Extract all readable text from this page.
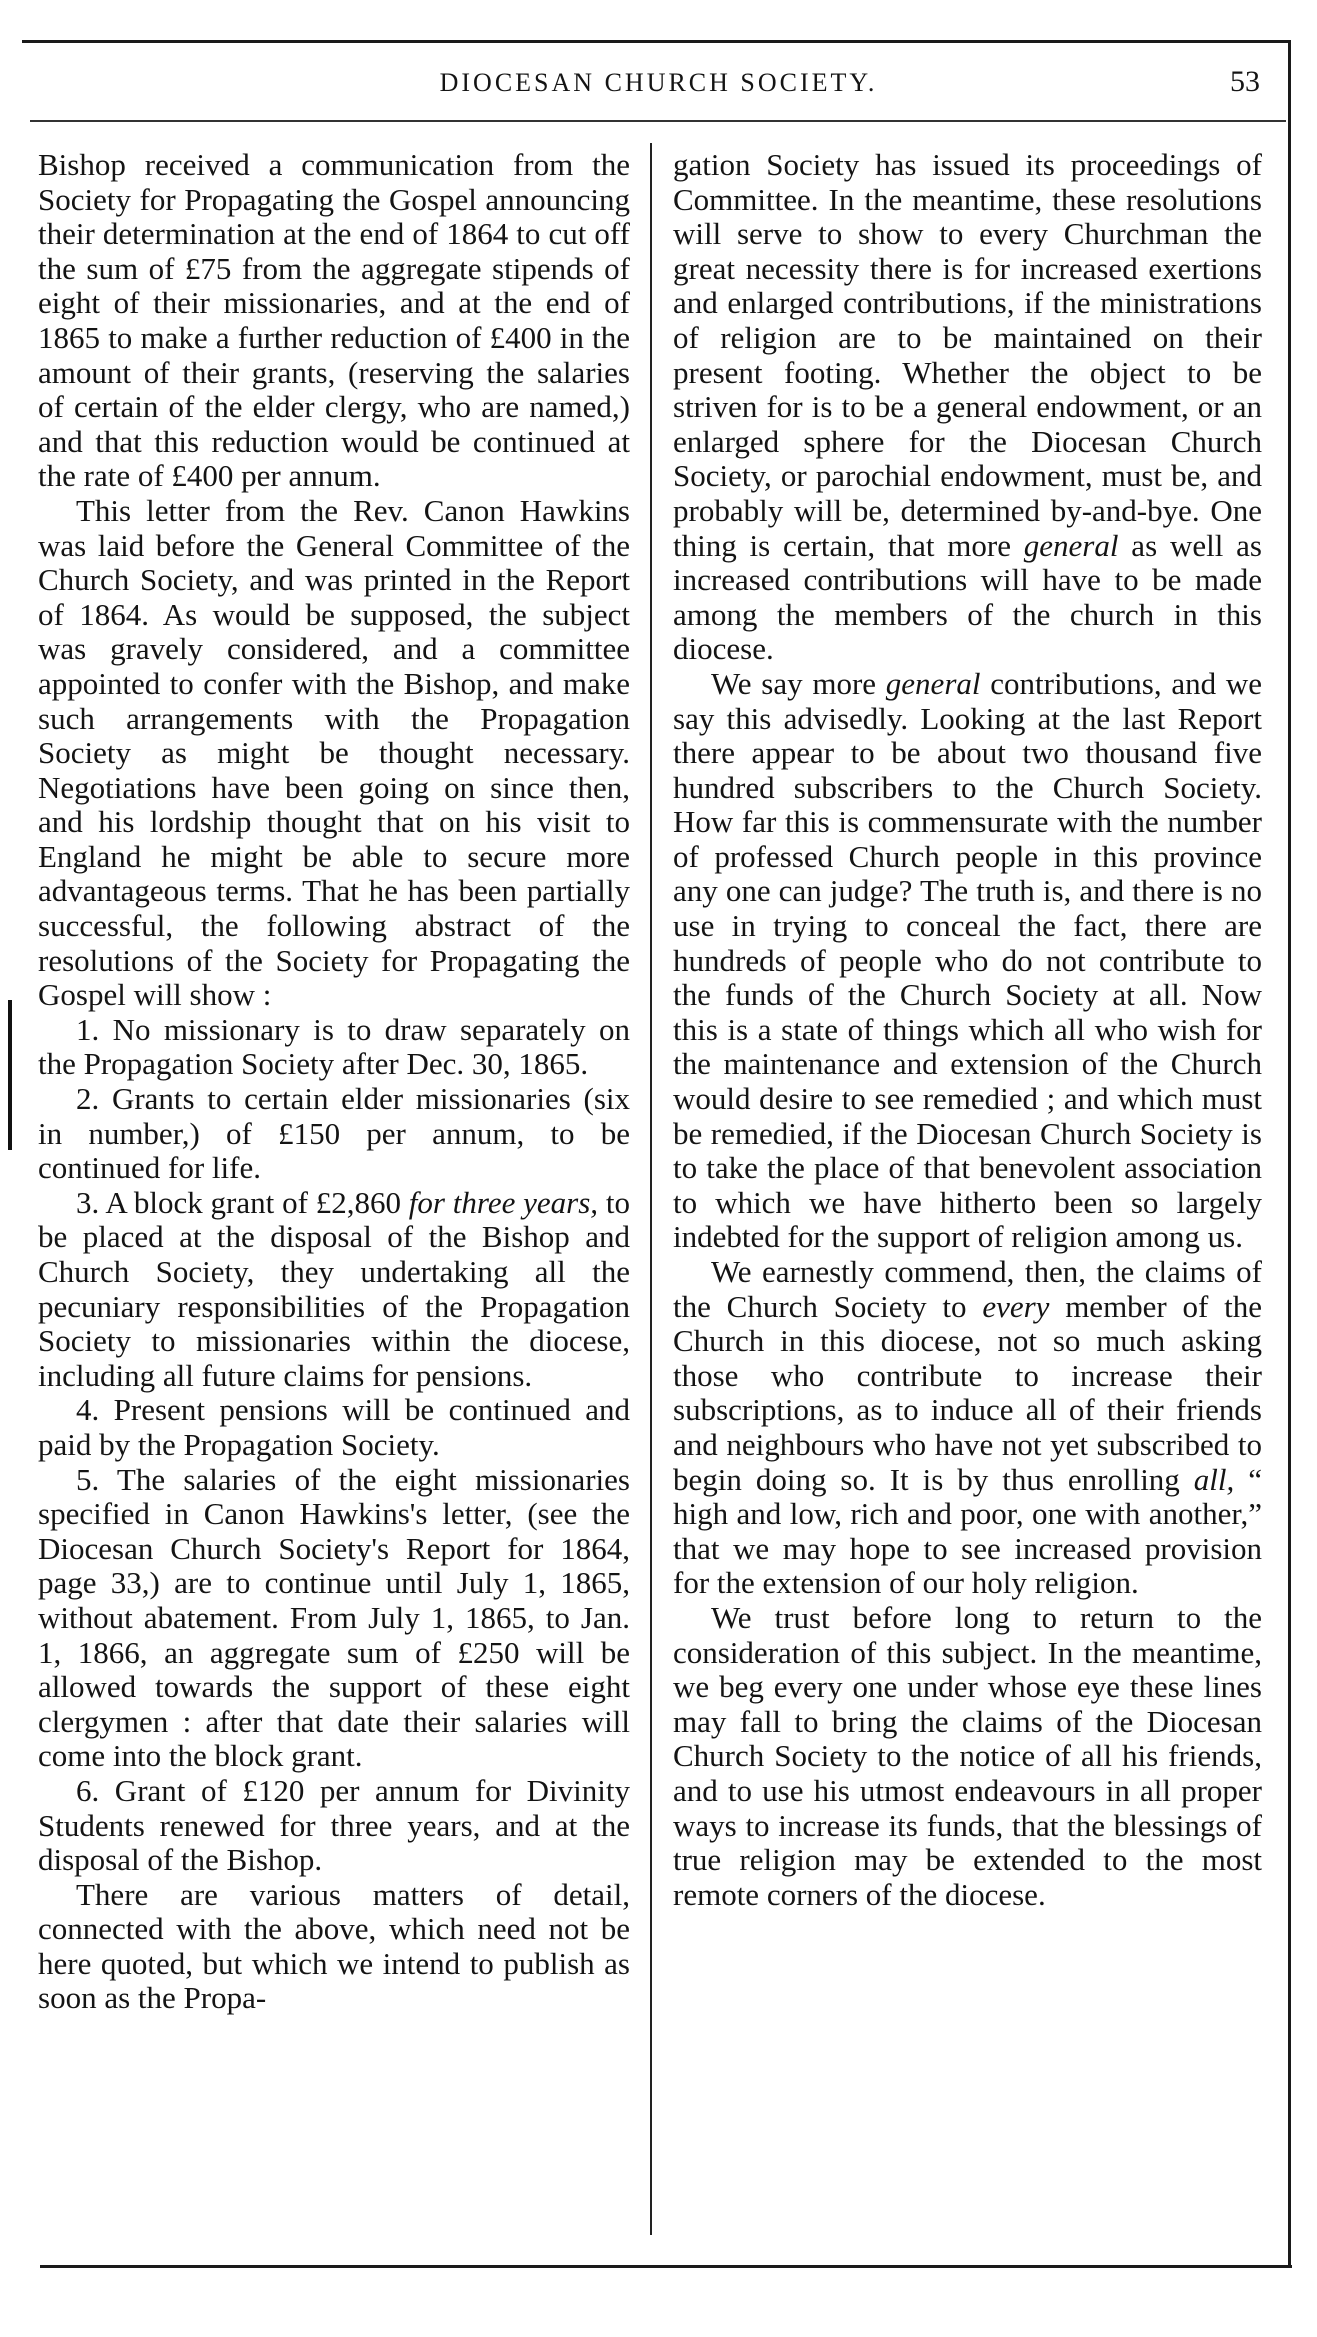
DIOCESAN CHURCH SOCIETY.	53

Bishop received a communication from the Society for Propagating the Gospel announcing their determination at the end of 1864 to cut off the sum of £75 from the aggregate stipends of eight of their missionaries, and at the end of 1865 to make a further reduction of £400 in the amount of their grants, (reserving the salaries of certain of the elder clergy, who are named,) and that this reduction would be continued at the rate of £400 per annum.

This letter from the Rev. Canon Hawkins was laid before the General Committee of the Church Society, and was printed in the Report of 1864. As would be supposed, the subject was gravely considered, and a committee appointed to confer with the Bishop, and make such arrangements with the Propagation Society as might be thought necessary. Negotiations have been going on since then, and his lordship thought that on his visit to England he might be able to secure more advantageous terms. That he has been partially successful, the following abstract of the resolutions of the Society for Propagating the Gospel will show :

1. No missionary is to draw separately on the Propagation Society after Dec. 30, 1865.

2. Grants to certain elder missionaries (six in number,) of £150 per annum, to be continued for life.

3. A block grant of £2,860 for three years, to be placed at the disposal of the Bishop and Church Society, they undertaking all the pecuniary responsibilities of the Propagation Society to missionaries within the diocese, including all future claims for pensions.

4. Present pensions will be continued and paid by the Propagation Society.

5. The salaries of the eight missionaries specified in Canon Hawkins's letter, (see the Diocesan Church Society's Report for 1864, page 33,) are to continue until July 1, 1865, without abatement. From July 1, 1865, to Jan. 1, 1866, an aggregate sum of £250 will be allowed towards the support of these eight clergymen : after that date their salaries will come into the block grant.

6. Grant of £120 per annum for Divinity Students renewed for three years, and at the disposal of the Bishop.

There are various matters of detail, connected with the above, which need not be here quoted, but which we intend to publish as soon as the Propa-

gation Society has issued its proceedings of Committee. In the meantime, these resolutions will serve to show to every Churchman the great necessity there is for increased exertions and enlarged contributions, if the ministrations of religion are to be maintained on their present footing. Whether the object to be striven for is to be a general endowment, or an enlarged sphere for the Diocesan Church Society, or parochial endowment, must be, and probably will be, determined by-and-bye. One thing is certain, that more general as well as increased contributions will have to be made among the members of the church in this diocese.

We say more general contributions, and we say this advisedly. Looking at the last Report there appear to be about two thousand five hundred subscribers to the Church Society. How far this is commensurate with the number of professed Church people in this province any one can judge? The truth is, and there is no use in trying to conceal the fact, there are hundreds of people who do not contribute to the funds of the Church Society at all. Now this is a state of things which all who wish for the maintenance and extension of the Church would desire to see remedied ; and which must be remedied, if the Diocesan Church Society is to take the place of that benevolent association to which we have hitherto been so largely indebted for the support of religion among us.

We earnestly commend, then, the claims of the Church Society to every member of the Church in this diocese, not so much asking those who contribute to increase their subscriptions, as to induce all of their friends and neighbours who have not yet subscribed to begin doing so. It is by thus enrolling all, “ high and low, rich and poor, one with another,” that we may hope to see increased provision for the extension of our holy religion.

We trust before long to return to the consideration of this subject. In the meantime, we beg every one under whose eye these lines may fall to bring the claims of the Diocesan Church Society to the notice of all his friends, and to use his utmost endeavours in all proper ways to increase its funds, that the blessings of true religion may be extended to the most remote corners of the diocese.
